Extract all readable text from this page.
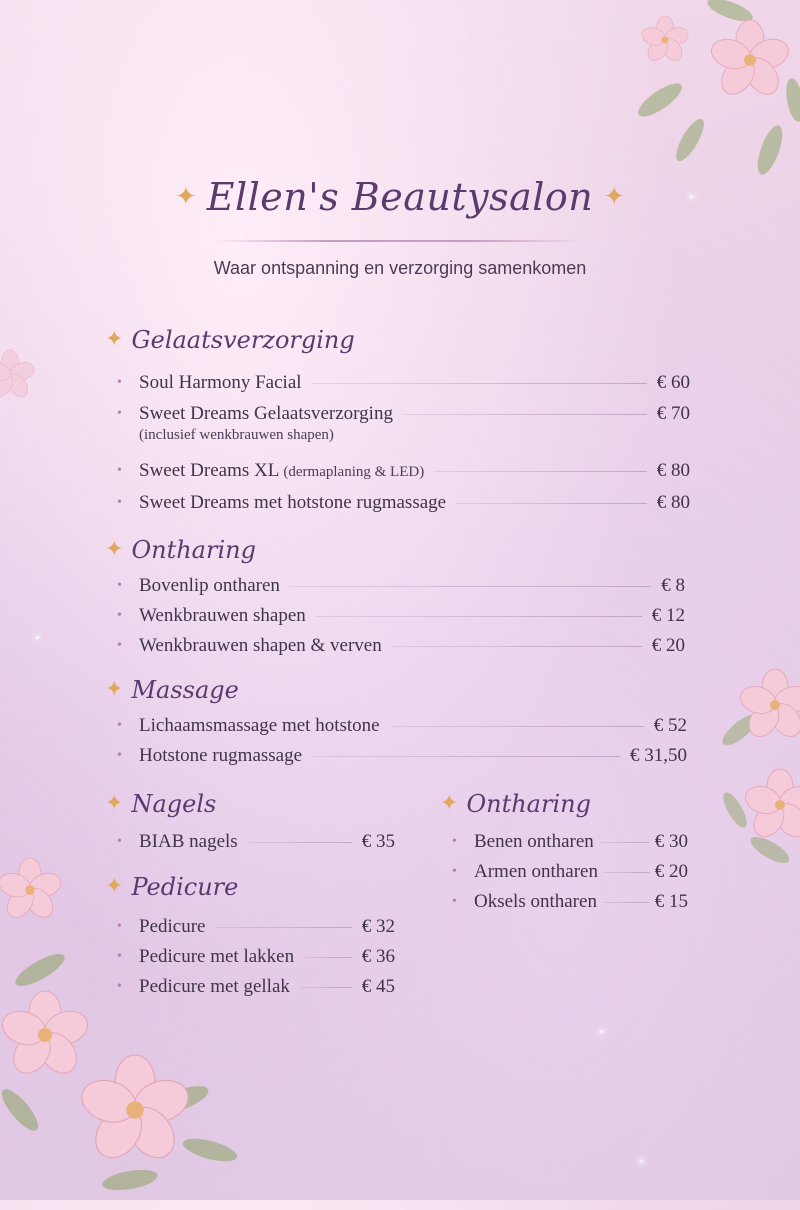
✦ Ellen's Beautysalon ✦
Waar ontspanning en verzorging samenkomen
✦ Gelaatsverzorging
• Soul Harmony Facial	€ 60
• Sweet Dreams Gelaatsverzorging	€ 70
(inclusief wenkbrauwen shapen)
• Sweet Dreams XL (dermaplaning & LED)	€ 80
• Sweet Dreams met hotstone rugmassage	€ 80
✦ Ontharing
• Bovenlip ontharen	€ 8
• Wenkbrauwen shapen	€ 12
• Wenkbrauwen shapen & verven	€ 20
✦ Massage
• Lichaamsmassage met hotstone	€ 52
• Hotstone rugmassage	€ 31,50
✦ Nagels
• BIAB nagels	€ 35
✦ Pedicure
• Pedicure	€ 32
• Pedicure met lakken	€ 36
• Pedicure met gellak	€ 45
✦ Ontharing
• Benen ontharen	€ 30
• Armen ontharen	€ 20
• Oksels ontharen	€ 15
